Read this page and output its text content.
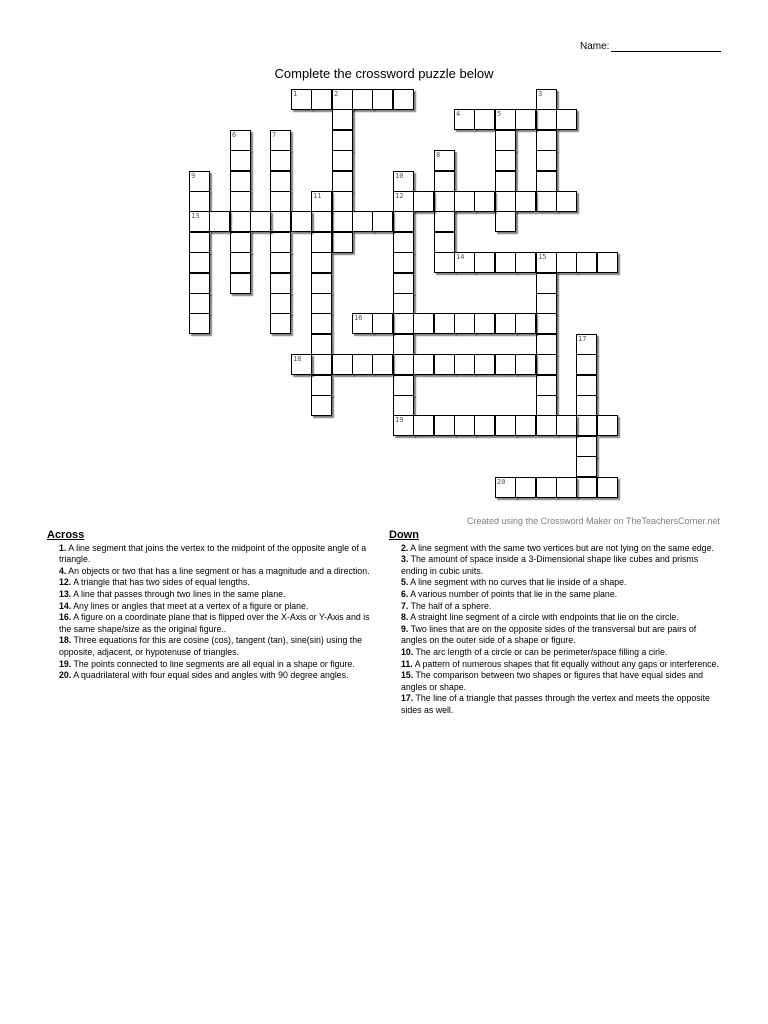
Name:
Complete the crossword puzzle below
1	2	3
4	5
6	7
8
9
13
10
12
19
11
14	15
16
17
18
20
Created using the Crossword Maker on TheTeachersCorner.net
Across

1. A line segment that joins the vertex to the midpoint of the opposite angle of a triangle.

4. An objects or two that has a line segment or has a magnitude and a direction.

12. A triangle that has two sides of equal lengths.

13. A line that passes through two lines in the same plane.

14. Any lines or angles that meet at a vertex of a figure or plane.

16. A figure on a coordinate plane that is flipped over the X-Axis or Y-Axis and is the same shape/size as the original figure..

18. Three equations for this are cosine (cos), tangent (tan), sine(sin) using the opposite, adjacent, or hypotenuse of triangles.

19. The points connected to line segments are all equal in a shape or figure.

20. A quadrilateral with four equal sides and angles with 90 degree angles.

Down

2. A line segment with the same two vertices but are not lying on the same edge.

3. The amount of space inside a 3-Dimensional shape like cubes and prisms ending in cubic units.

5. A line segment with no curves that lie inside of a shape.

6. A various number of points that lie in the same plane.

7. The half of a sphere.

8. A straight line segment of a circle with endpoints that lie on the circle.

9. Two lines that are on the opposite sides of the transversal but are pairs of angles on the outer side of a shape or figure.

10. The arc length of a circle or can be perimeter/space filling a cirle.

11. A pattern of numerous shapes that fit equally without any gaps or interference.

15. The comparison between two shapes or figures that have equal sides and angles or shape.

17. The line of a triangle that passes through the vertex and meets the opposite sides as well.
